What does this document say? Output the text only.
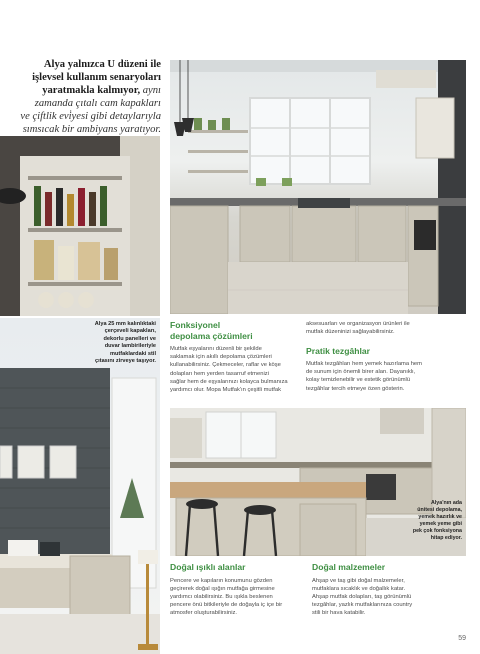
Alya yalnızca U düzeni ile
işlevsel kullanım senaryoları
yaratmakla kalmıyor, aynı
zamanda çıtalı cam kapakları
ve çiftlik evi̇yesi gibi detaylarıyla
sımsıcak bir ambiyans yaratıyor.
Alya 25 mm kalınlıktaki
çerçeveli kapakları,
dekorlu panelleri ve
duvar lambirileriyle
mutfaklardaki stil
çıtasını zirveye taşıyor.
Alya'nın ada
ünitesi depolama,
yemek hazırlık ve
yemek yeme gibi
pek çok fonksiyona
hitap ediyor.
Fonksiyonel
depolama çözümleri
Mutfak eşyalarını düzenli bir şekilde
saklamak için akıllı depolama çözümleri
kullanabilirsiniz. Çekmeceler, raflar ve köşe
dolapları hem yerden tasarruf etmenizi
sağlar hem de eşyalarınızı kolayca bulmanıza
yardımcı olur. Mopa Mutfak'ın çeşitli mutfak
aksesuarları ve organizasyon ürünleri ile
mutfak düzeninizi sağlayabilirsiniz.
Pratik tezgâhlar
Mutfak tezgâhları hem yemek hazırlama hem
de sunum için önemli birer alan. Dayanıklı,
kolay temizlenebilir ve estetik görünümlü
tezgâhlar tercih etmeye özen gösterin.
Doğal ışıklı alanlar
Pencere ve kapıların konumunu gözden
geçirerek doğal ışığın mutfağa girmesine
yardımcı olabilirsiniz. Bu ışıkla beslenen
pencere önü bitkileriyle de doğayla iç içe bir
atmosfer oluşturabilirsiniz.
Doğal malzemeler
Ahşap ve taş gibi doğal malzemeler,
mutfaklara sıcaklık ve doğallık katar.
Ahşap mutfak dolapları, taş görünümlü
tezgâhlar, yazlık mutfaklarınıza country
stili bir hava katabilir.
59
